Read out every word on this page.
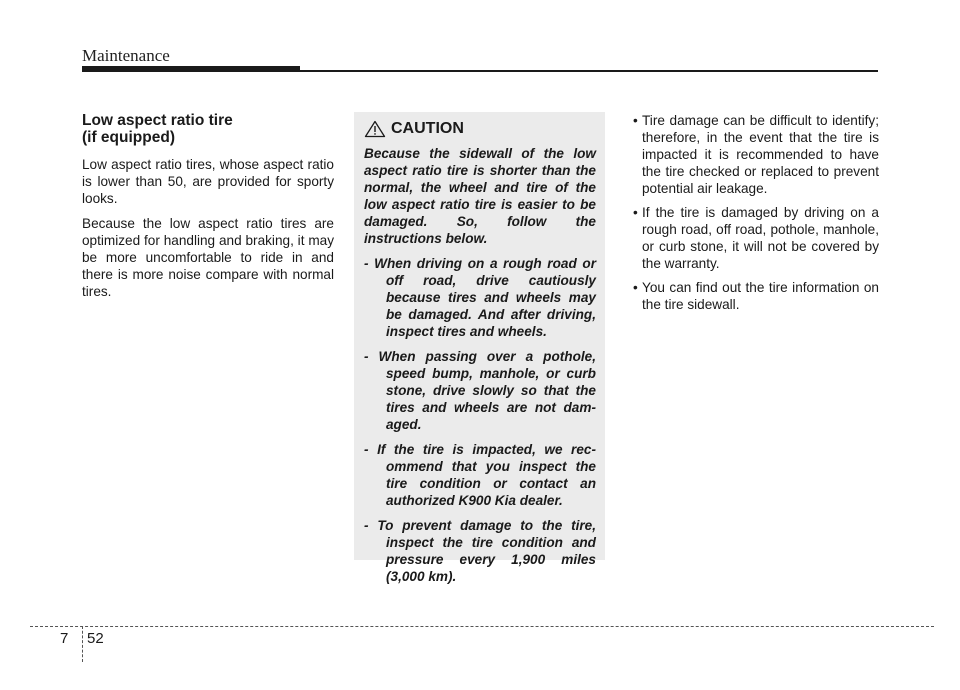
Maintenance
Low aspect ratio tire
(if equipped)

Low aspect ratio tires, whose aspect ratio is lower than 50, are provided for sporty looks.

Because the low aspect ratio tires are optimized for handling and braking, it may be more uncomfortable to ride in and there is more noise compare with normal tires.

CAUTION

Because the sidewall of the low aspect ratio tire is shorter than the normal, the wheel and tire of the low aspect ratio tire is easier to be damaged. So, follow the instructions below.

- When driving on a rough road or off road, drive cautiously because tires and wheels may be damaged. And after driving, inspect tires and wheels.
- When passing over a pothole, speed bump, manhole, or curb stone, drive slowly so that the tires and wheels are not damaged.
- If the tire is impacted, we recommend that you inspect the tire condition or contact an authorized K900 Kia dealer.
- To prevent damage to the tire, inspect the tire condition and pressure every 1,900 miles (3,000 km).
• Tire damage can be difficult to identify; therefore, in the event that the tire is impacted it is recommended to have the tire checked or replaced to prevent potential air leakage.
• If the tire is damaged by driving on a rough road, off road, pothole, manhole, or curb stone, it will not be covered by the warranty.
• You can find out the tire information on the tire sidewall.
7 52
